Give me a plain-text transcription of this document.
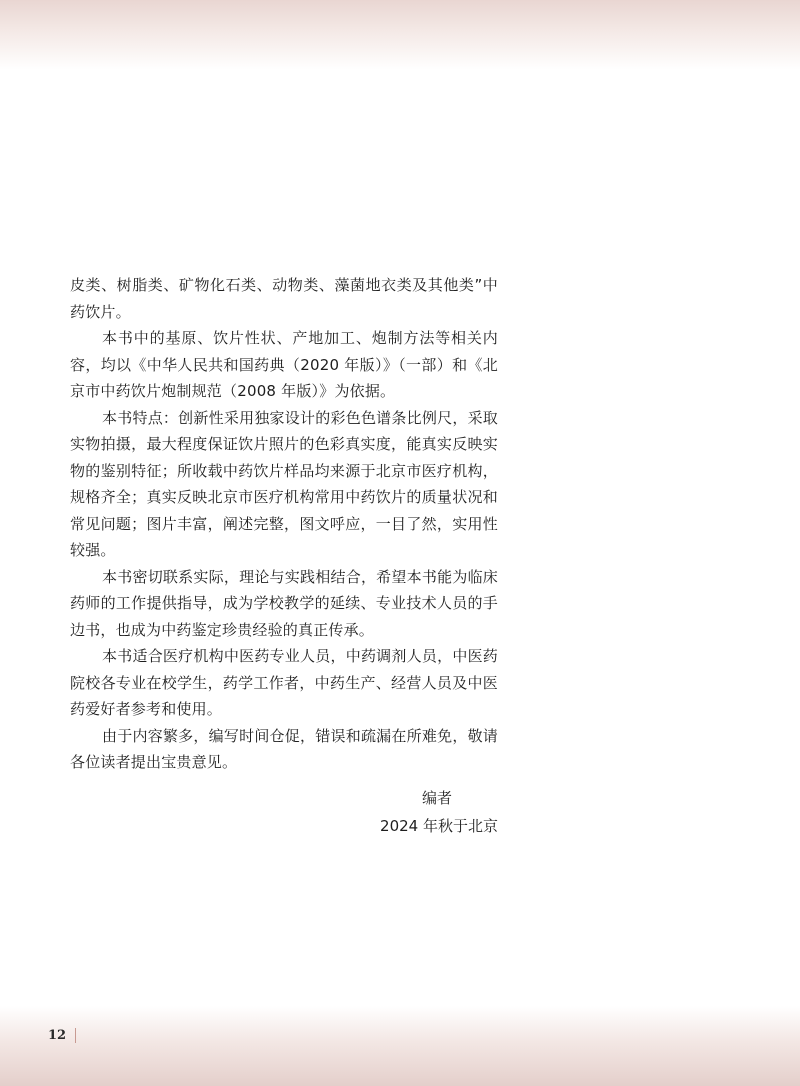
皮类、树脂类、矿物化石类、动物类、藻菌地衣类及其他类”中药饮片。

本书中的基原、饮片性状、产地加工、炮制方法等相关内容，均以《中华人民共和国药典（2020 年版）》（一部）和《北京市中药饮片炮制规范（2008 年版）》为依据。

本书特点：创新性采用独家设计的彩色色谱条比例尺，采取实物拍摄，最大程度保证饮片照片的色彩真实度，能真实反映实物的鉴别特征；所收载中药饮片样品均来源于北京市医疗机构，规格齐全；真实反映北京市医疗机构常用中药饮片的质量状况和常见问题；图片丰富，阐述完整，图文呼应，一目了然，实用性较强。

本书密切联系实际，理论与实践相结合，希望本书能为临床药师的工作提供指导，成为学校教学的延续、专业技术人员的手边书，也成为中药鉴定珍贵经验的真正传承。

本书适合医疗机构中医药专业人员，中药调剂人员，中医药院校各专业在校学生，药学工作者，中药生产、经营人员及中医药爱好者参考和使用。

由于内容繁多，编写时间仓促，错误和疏漏在所难免，敬请各位读者提出宝贵意见。

编者
2024 年秋于北京
12
